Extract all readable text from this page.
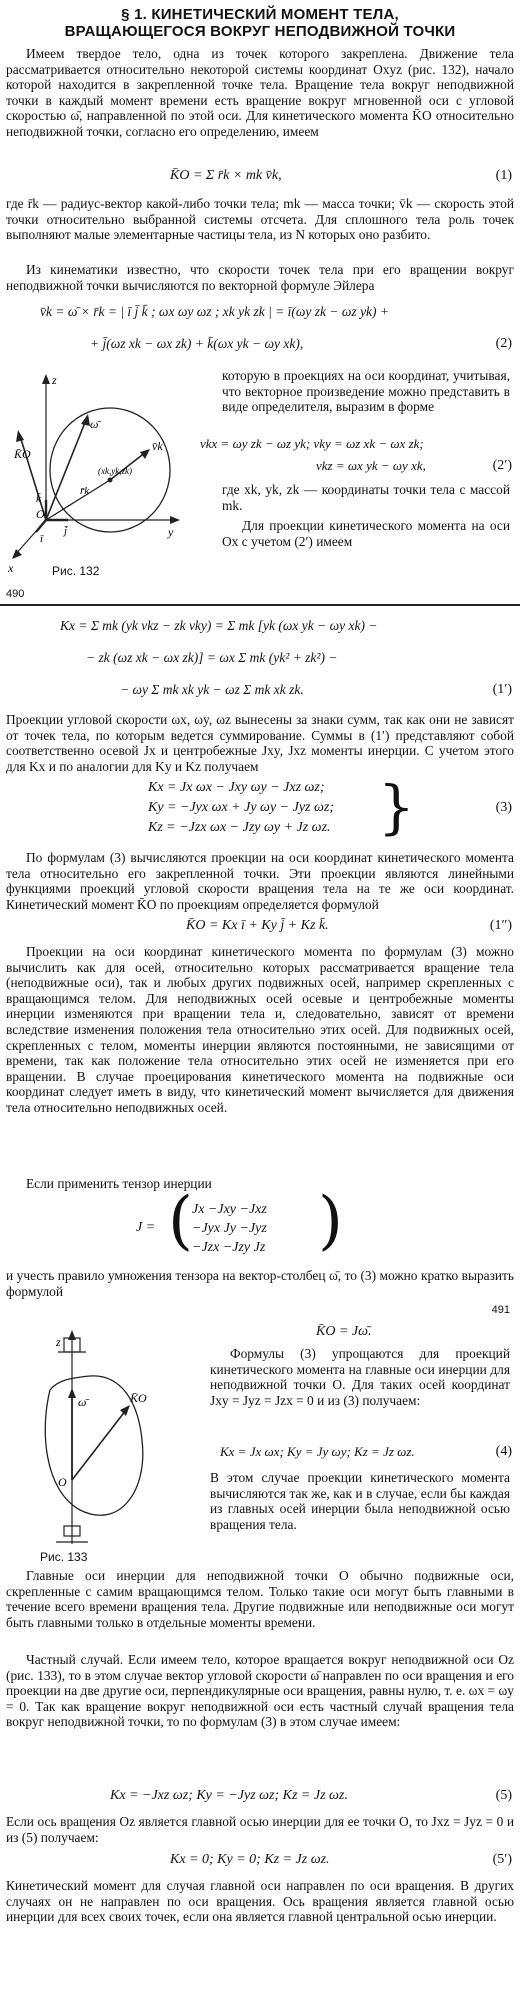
§ 1. КИНЕТИЧЕСКИЙ МОМЕНТ ТЕЛА,
ВРАЩАЮЩЕГОСЯ ВОКРУГ НЕПОДВИЖНОЙ ТОЧКИ

Имеем твердое тело, одна из точек которого закреплена. Движение тела рассматривается относительно некоторой системы координат Oxyz (рис. 132), начало которой находится в закрепленной точке тела. Вращение тела вокруг неподвижной точки в каждый момент времени есть вращение вокруг мгновенной оси с угловой скоростью ω̄, направленной по этой оси. Для кинетического момента K̄O относительно неподвижной точки, согласно его определению, имеем

K̄O = Σ r̄k × mk v̄k,	(1)

где r̄k — радиус-вектор какой-либо точки тела; mk — масса точки; v̄k — скорость этой точки относительно выбранной системы отсчета. Для сплошного тела роль точек выполняют малые элементарные частицы тела, из N которых оно разбито.

Из кинематики известно, что скорости точек тела при его вращении вокруг неподвижной точки вычисляются по векторной формуле Эйлера

v̄k = ω̄ × r̄k = | ī j̄ k̄ ; ωx ωy ωz ; xk yk zk | = ī(ωy zk − ωz yk) +
+ j̄(ωz xk − ωx zk) + k̄(ωx yk − ωy xk),	(2)
z
K̄O
ω̄
v̄k
r̄k
(xk,yk,zk)
O
ī
j̄
k̄
y
x	Рис. 132

которую в проекциях на оси координат, учитывая, что векторное произведение можно представить в виде определителя, выразим в форме

vkx = ωy zk − ωz yk; vky = ωz xk − ωx zk;
vkz = ωx yk − ωy xk,	(2′)

где xk, yk, zk — координаты точки тела с массой mk.

Для проекции кинетического момента на оси Ox с учетом (2′) имеем

490
Kx = Σ mk (yk vkz − zk vky) = Σ mk [yk (ωx yk − ωy xk) −
− zk (ωz xk − ωx zk)] = ωx Σ mk (yk² + zk²) −
− ωy Σ mk xk yk − ωz Σ mk xk zk.	(1′)

Проекции угловой скорости ωx, ωy, ωz вынесены за знаки сумм, так как они не зависят от точек тела, по которым ведется суммирование. Суммы в (1′) представляют собой соответственно осевой Jx и центробежные Jxy, Jxz моменты инерции. С учетом этого для Kx и по аналогии для Ky и Kz получаем

Kx = Jx ωx − Jxy ωy − Jxz ωz;
Ky = −Jyx ωx + Jy ωy − Jyz ωz;
Kz = −Jzx ωx − Jzy ωy + Jz ωz. }	(3)

По формулам (3) вычисляются проекции на оси координат кинетического момента тела относительно его закрепленной точки. Эти проекции являются линейными функциями проекций угловой скорости вращения тела на те же оси координат. Кинетический момент K̄O по проекциям определяется формулой

K̄O = Kx ī + Ky j̄ + Kz k̄.	(1″)

Проекции на оси координат кинетического момента по формулам (3) можно вычислить как для осей, относительно которых рассматривается вращение тела (неподвижные оси), так и любых других подвижных осей, например скрепленных с вращающимся телом. Для неподвижных осей осевые и центробежные моменты инерции изменяются при вращении тела и, следовательно, зависят от времени вследствие изменения положения тела относительно этих осей. Для подвижных осей, скрепленных с телом, моменты инерции являются постоянными, не зависящими от времени, так как положение тела относительно этих осей не изменяется при его вращении. В случае проецирования кинетического момента на подвижные оси координат следует иметь в виду, что кинетический момент вычисляется для движения тела относительно неподвижных осей.

Если применить тензор инерции

J = ( Jx −Jxy −Jxz
−Jyx Jy −Jyz
−Jzx −Jzy Jz )

и учесть правило умножения тензора на вектор-столбец ω̄, то (3) можно кратко выразить формулой

491
K̄O = Jω̄.
z
ω̄	K̄O
O
Рис. 133

Формулы (3) упрощаются для проекций кинетического момента на главные оси инерции для неподвижной точки O. Для таких осей координат Jxy = Jyz = Jzx = 0 и из (3) получаем:

Kx = Jx ωx; Ky = Jy ωy; Kz = Jz ωz.	(4)

В этом случае проекции кинетического момента вычисляются так же, как и в случае, если бы каждая из главных осей инерции была неподвижной осью вращения тела.

Главные оси инерции для неподвижной точки O обычно подвижные оси, скрепленные с самим вращающимся телом. Только такие оси могут быть главными в течение всего времени вращения тела. Другие подвижные или неподвижные оси могут быть главными только в отдельные моменты времени.

Частный случай. Если имеем тело, которое вращается вокруг неподвижной оси Oz (рис. 133), то в этом случае вектор угловой скорости ω̄ направлен по оси вращения и его проекции на две другие оси, перпендикулярные оси вращения, равны нулю, т. е. ωx = ωy = 0. Так как вращение вокруг неподвижной оси есть частный случай вращения тела вокруг неподвижной точки, то по формулам (3) в этом случае имеем:

Kx = −Jxz ωz; Ky = −Jyz ωz; Kz = Jz ωz.	(5)

Если ось вращения Oz является главной осью инерции для ее точки O, то Jxz = Jyz = 0 и из (5) получаем:

Kx = 0; Ky = 0; Kz = Jz ωz.	(5′)

Кинетический момент для случая главной оси направлен по оси вращения. В других случаях он не направлен по оси вращения. Ось вращения является главной осью инерции для всех своих точек, если она является главной центральной осью инерции.
